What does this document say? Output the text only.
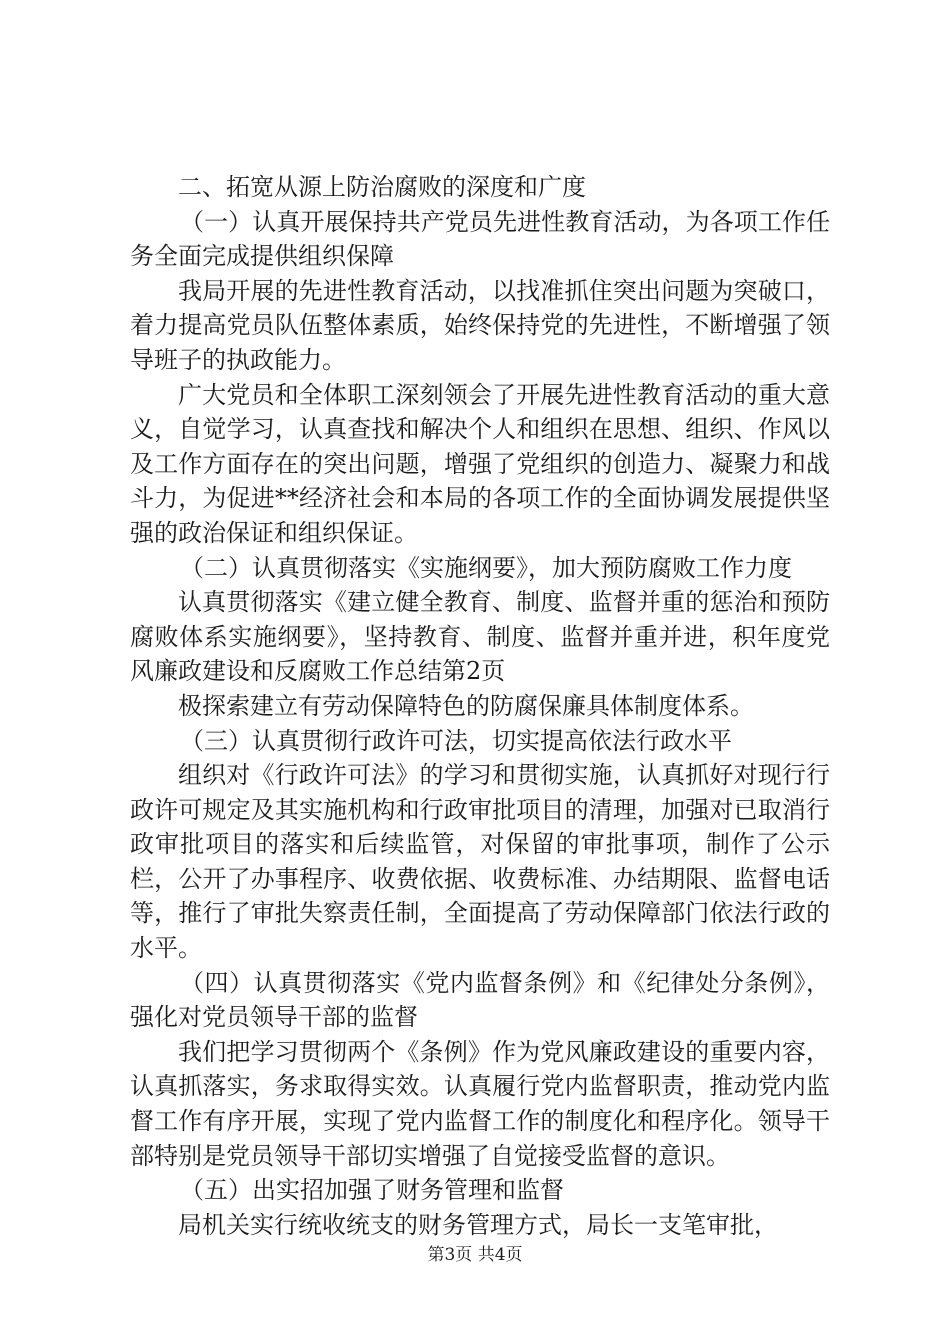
二、拓宽从源上防治腐败的深度和广度

（一）认真开展保持共产党员先进性教育活动，为各项工作任务全面完成提供组织保障

我局开展的先进性教育活动，以找准抓住突出问题为突破口，着力提高党员队伍整体素质，始终保持党的先进性，不断增强了领导班子的执政能力。

广大党员和全体职工深刻领会了开展先进性教育活动的重大意义，自觉学习，认真查找和解决个人和组织在思想、组织、作风以及工作方面存在的突出问题，增强了党组织的创造力、凝聚力和战斗力，为促进**经济社会和本局的各项工作的全面协调发展提供坚强的政治保证和组织保证。

（二）认真贯彻落实《实施纲要》，加大预防腐败工作力度

认真贯彻落实《建立健全教育、制度、监督并重的惩治和预防腐败体系实施纲要》，坚持教育、制度、监督并重并进，积年度党风廉政建设和反腐败工作总结第2页

极探索建立有劳动保障特色的防腐保廉具体制度体系。

（三）认真贯彻行政许可法，切实提高依法行政水平

组织对《行政许可法》的学习和贯彻实施，认真抓好对现行行政许可规定及其实施机构和行政审批项目的清理，加强对已取消行政审批项目的落实和后续监管，对保留的审批事项，制作了公示栏，公开了办事程序、收费依据、收费标准、办结期限、监督电话等，推行了审批失察责任制，全面提高了劳动保障部门依法行政的水平。

（四）认真贯彻落实《党内监督条例》和《纪律处分条例》，强化对党员领导干部的监督

我们把学习贯彻两个《条例》作为党风廉政建设的重要内容，认真抓落实，务求取得实效。认真履行党内监督职责，推动党内监督工作有序开展，实现了党内监督工作的制度化和程序化。领导干部特别是党员领导干部切实增强了自觉接受监督的意识。

（五）出实招加强了财务管理和监督

局机关实行统收统支的财务管理方式，局长一支笔审批，

第3页 共4页
